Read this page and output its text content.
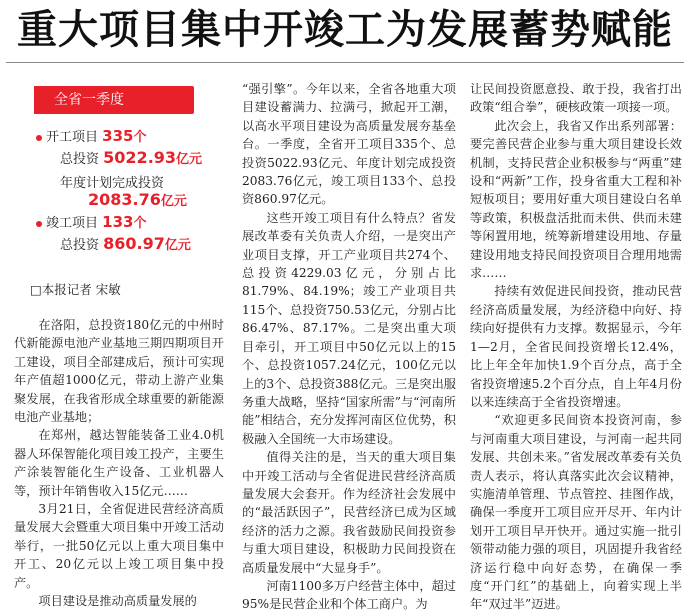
重大项目集中开竣工为发展蓄势赋能
全省一季度
开工项目 335个
总投资 5022.93亿元
年度计划完成投资
2083.76亿元
竣工项目 133个
总投资 860.97亿元
□本报记者 宋敏

在洛阳，总投资180亿元的中州时代新能源电池产业基地三期四期项目开工建设，项目全部建成后，预计可实现年产值超1000亿元，带动上游产业集聚发展，在我省形成全球重要的新能源电池产业基地；

在郑州，越达智能装备工业4.0机器人环保智能化项目竣工投产，主要生产涂装智能化生产设备、工业机器人等，预计年销售收入15亿元……

3月21日，全省促进民营经济高质量发展大会暨重大项目集中开竣工活动举行，一批50亿元以上重大项目集中开工、20亿元以上竣工项目集中投产。

项目建设是推动高质量发展的

“强引擎”。今年以来，全省各地重大项目建设蓄满力、拉满弓，掀起开工潮，以高水平项目建设为高质量发展夯基垒台。一季度，全省开工项目335个、总投资5022.93亿元、年度计划完成投资2083.76亿元，竣工项目133个、总投资860.97亿元。

这些开竣工项目有什么特点？省发展改革委有关负责人介绍，一是突出产业项目支撑，开工产业项目共274个、总投资4229.03亿元，分别占比81.79%、84.19%；竣工产业项目共115个、总投资750.53亿元，分别占比86.47%、87.17%。二是突出重大项目牵引，开工项目中50亿元以上的15个、总投资1057.24亿元，100亿元以上的3个、总投资388亿元。三是突出服务重大战略，坚持“国家所需”与“河南所能”相结合，充分发挥河南区位优势，积极融入全国统一大市场建设。

值得关注的是，当天的重大项目集中开竣工活动与全省促进民营经济高质量发展大会套开。作为经济社会发展中的“最活跃因子”，民营经济已成为区域经济的活力之源。我省鼓励民间投资参与重大项目建设，积极助力民间投资在高质量发展中“大显身手”。

河南1100多万户经营主体中，超过95%是民营企业和个体工商户。为

让民间投资愿意投、敢于投，我省打出政策“组合拳”，硬核政策一项接一项。

此次会上，我省又作出系列部署：要完善民营企业参与重大项目建设长效机制，支持民营企业积极参与“两重”建设和“两新”工作，投身省重大工程和补短板项目；要用好重大项目建设白名单等政策，积极盘活批而未供、供而未建等闲置用地，统筹新增建设用地、存量建设用地支持民间投资项目合理用地需求……

持续有效促进民间投资，推动民营经济高质量发展，为经济稳中向好、持续向好提供有力支撑。数据显示，今年1—2月，全省民间投资增长12.4%，比上年全年加快1.9个百分点，高于全省投资增速5.2个百分点，自上年4月份以来连续高于全省投资增速。

“欢迎更多民间资本投资河南，参与河南重大项目建设，与河南一起共同发展、共创未来。”省发展改革委有关负责人表示，将认真落实此次会议精神，实施清单管理、节点管控、挂图作战，确保一季度开工项目应开尽开、年内计划开工项目早开快开。通过实施一批引领带动能力强的项目，巩固提升我省经济运行稳中向好态势，在确保一季度“开门红”的基础上，向着实现上半年“双过半”迈进。
